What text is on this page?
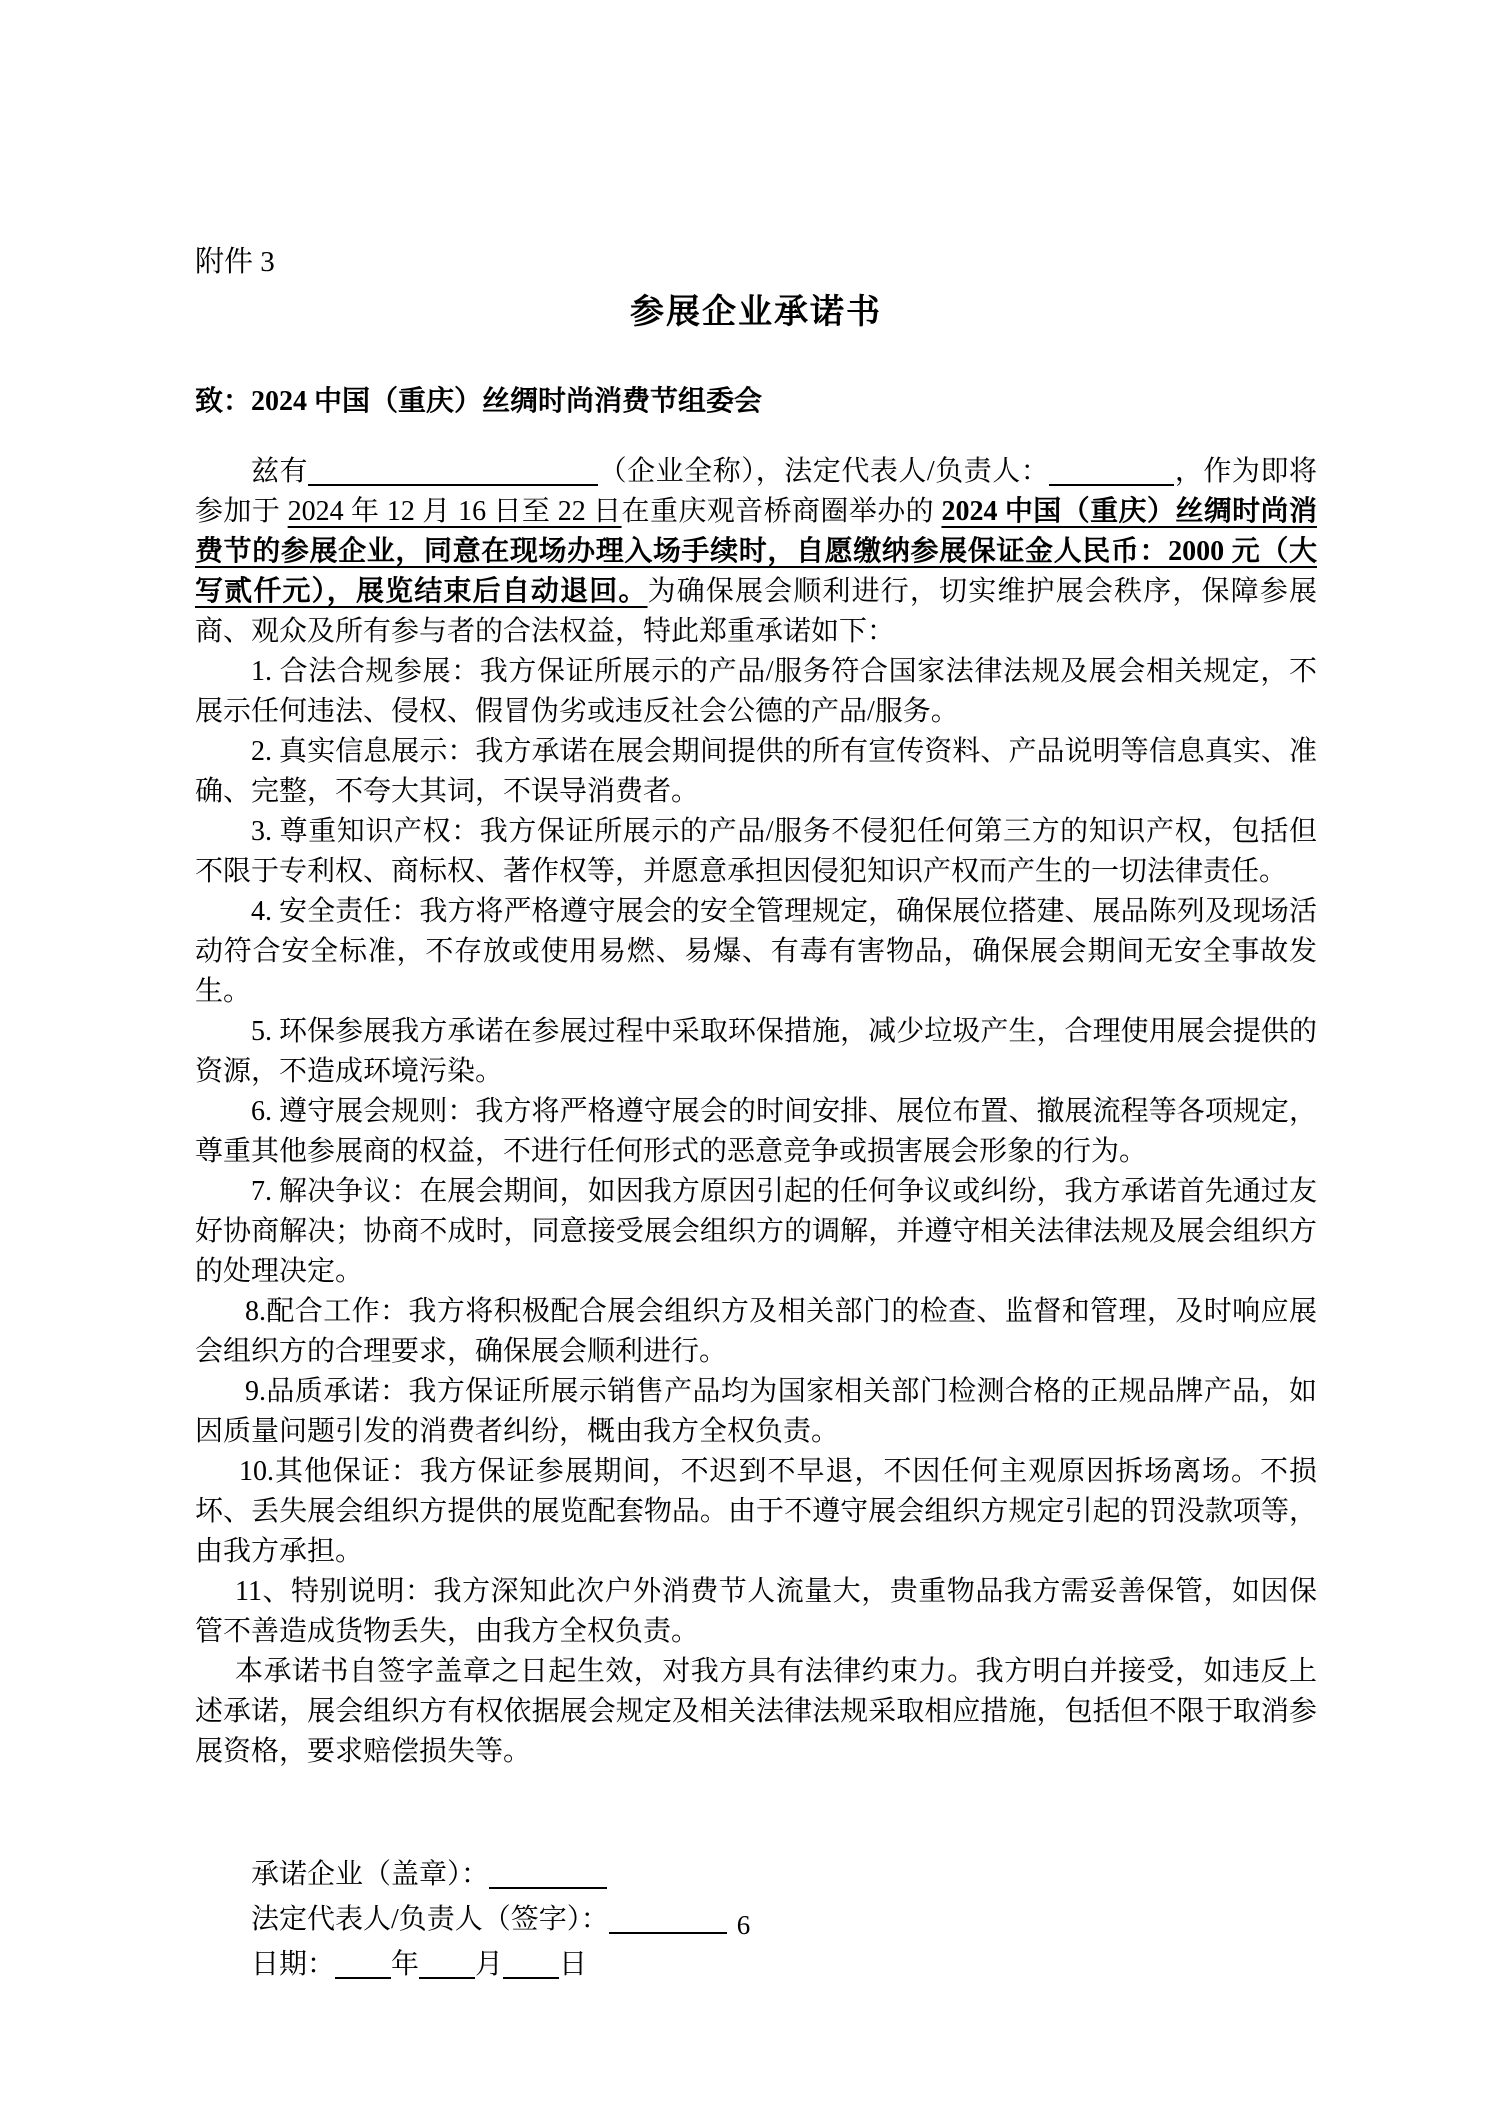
附件 3
参展企业承诺书
致：2024 中国（重庆）丝绸时尚消费节组委会

兹有	（企业全称），法定代表人/负责人：	，作为即将参加于 2024 年 12 月 16 日至 22 日在重庆观音桥商圈举办的 2024 中国（重庆）丝绸时尚消费节的参展企业，同意在现场办理入场手续时，自愿缴纳参展保证金人民币：2000 元（大写贰仟元），展览结束后自动退回。为确保展会顺利进行，切实维护展会秩序，保障参展商、观众及所有参与者的合法权益，特此郑重承诺如下：

1. 合法合规参展：我方保证所展示的产品/服务符合国家法律法规及展会相关规定，不展示任何违法、侵权、假冒伪劣或违反社会公德的产品/服务。

2. 真实信息展示：我方承诺在展会期间提供的所有宣传资料、产品说明等信息真实、准确、完整，不夸大其词，不误导消费者。

3. 尊重知识产权：我方保证所展示的产品/服务不侵犯任何第三方的知识产权，包括但不限于专利权、商标权、著作权等，并愿意承担因侵犯知识产权而产生的一切法律责任。

4. 安全责任：我方将严格遵守展会的安全管理规定，确保展位搭建、展品陈列及现场活动符合安全标准，不存放或使用易燃、易爆、有毒有害物品，确保展会期间无安全事故发生。

5. 环保参展我方承诺在参展过程中采取环保措施，减少垃圾产生，合理使用展会提供的资源，不造成环境污染。

6. 遵守展会规则：我方将严格遵守展会的时间安排、展位布置、撤展流程等各项规定，尊重其他参展商的权益，不进行任何形式的恶意竞争或损害展会形象的行为。

7. 解决争议：在展会期间，如因我方原因引起的任何争议或纠纷，我方承诺首先通过友好协商解决；协商不成时，同意接受展会组织方的调解，并遵守相关法律法规及展会组织方的处理决定。

8.配合工作：我方将积极配合展会组织方及相关部门的检查、监督和管理，及时响应展会组织方的合理要求，确保展会顺利进行。

9.品质承诺：我方保证所展示销售产品均为国家相关部门检测合格的正规品牌产品，如因质量问题引发的消费者纠纷，概由我方全权负责。

10.其他保证：我方保证参展期间，不迟到不早退，不因任何主观原因拆场离场。不损坏、丢失展会组织方提供的展览配套物品。由于不遵守展会组织方规定引起的罚没款项等，由我方承担。

11、特别说明：我方深知此次户外消费节人流量大，贵重物品我方需妥善保管，如因保管不善造成货物丢失，由我方全权负责。

本承诺书自签字盖章之日起生效，对我方具有法律约束力。我方明白并接受，如违反上述承诺，展会组织方有权依据展会规定及相关法律法规采取相应措施，包括但不限于取消参展资格，要求赔偿损失等。

承诺企业（盖章）：
法定代表人/负责人（签字）：
日期： 年 月 日
6
